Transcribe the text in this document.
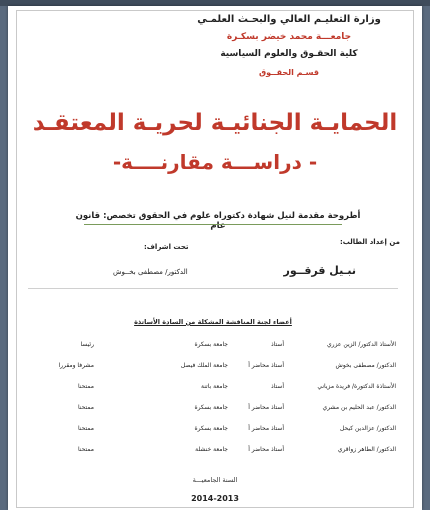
وزارة التعليـم العالي والبحـث العلمـي
جامعـــة محمد خيضر بسكـرة
كلية الحقـوق والعلوم السياسية
قسـم الحقــوق
الحمايـة الجنائيـة لحريـة المعتقـد
- دراســـة مقارنــــة-
أطروحة مقدمة لنيل شهادة دكتوراه علوم في الحقوق تخصص: قانون عام
من إعداد الطالب:
تحت اشراف:
نبـيل قرقــور
الدكتور/ مصطفى بخــوش
أعضاء لجنة المناقشة المشكلة من السادة الأساتذة
الأستاذ الدكتور/ الزين عزري
أستاذ
جامعة بسكرة
رئيسا
الدكتور/ مصطفى بخوش
أستاذ محاضر أ
جامعة الملك فيصل
مشرفا ومقررا
الأستاذة الدكتورة/ فريدة مزياني
أستاذ
جامعة باتنة
ممتحنا
الدكتور/ عبد الحليم بن مشري
أستاذ محاضر أ
جامعة بسكرة
ممتحنا
الدكتور/ عزالدين كيحل
أستاذ محاضر أ
جامعة بسكرة
ممتحنا
الدكتور/ الطاهر زواقري
أستاذ محاضر أ
جامعة خنشلة
ممتحنا
السنة الجامعيـــة
2014-2013
